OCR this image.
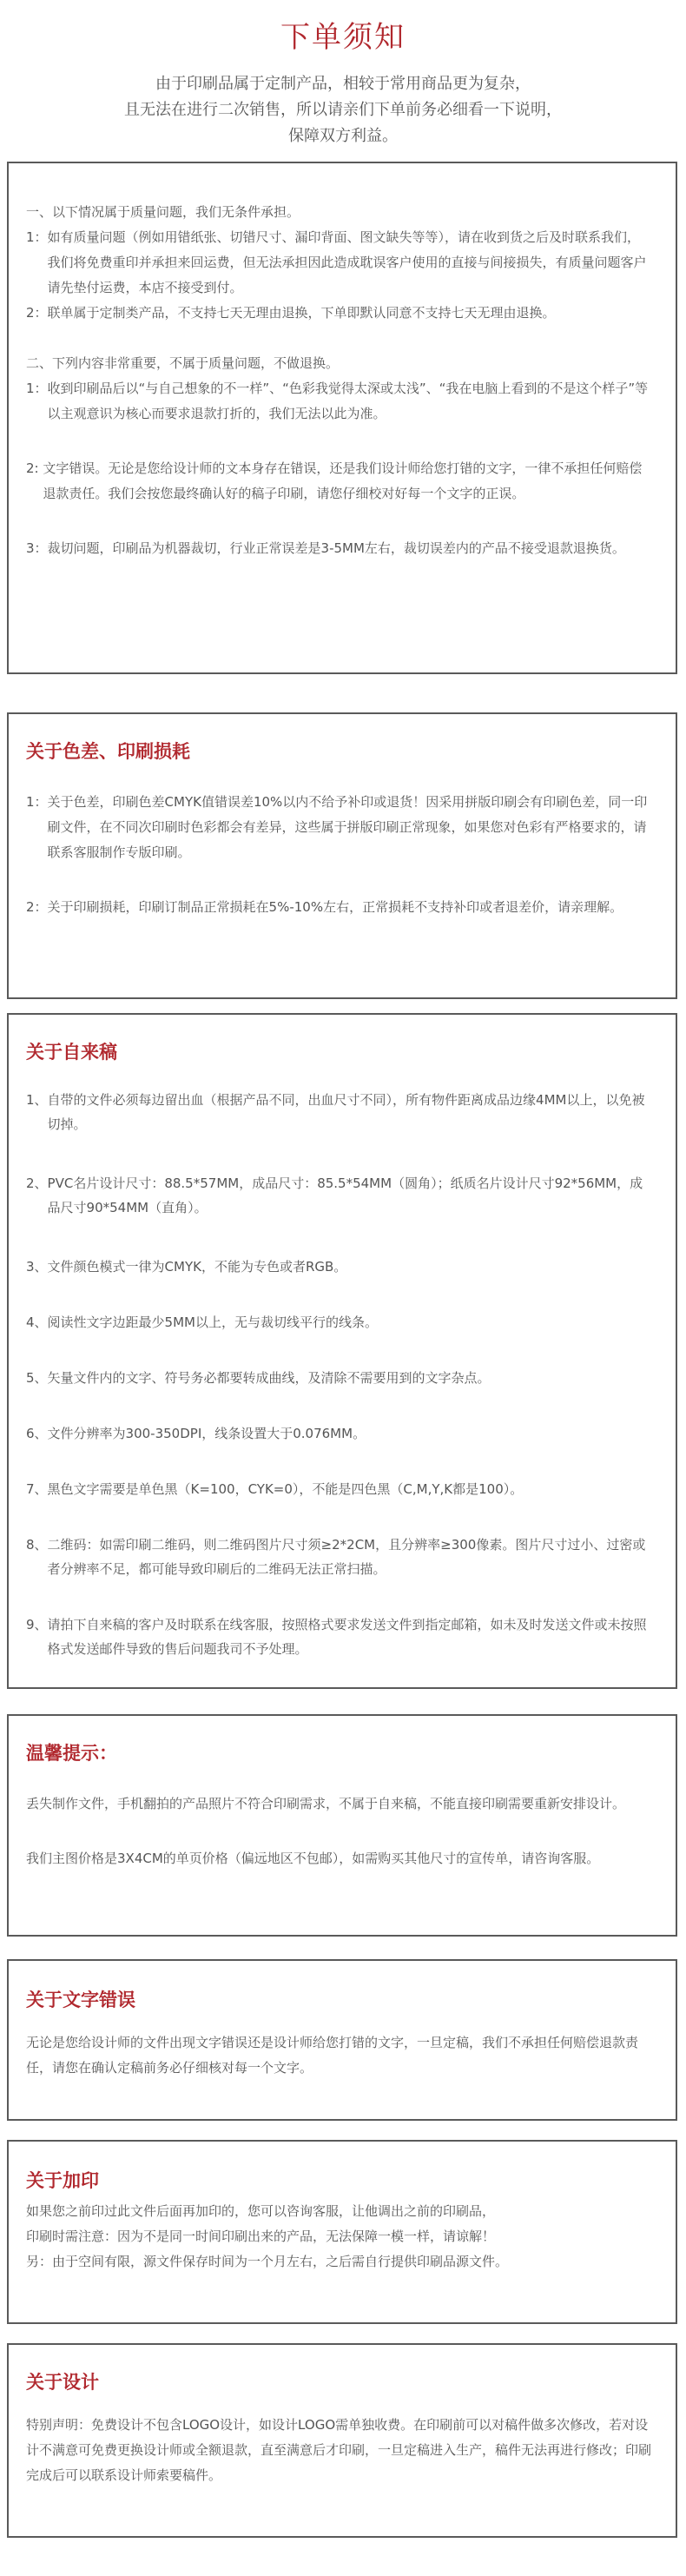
下单须知
由于印刷品属于定制产品，相较于常用商品更为复杂，
且无法在进行二次销售，所以请亲们下单前务必细看一下说明，
保障双方利益。

一、以下情况属于质量问题，我们无条件承担。

1： 如有质量问题（例如用错纸张、切错尺寸、漏印背面、图文缺失等等），请在收到货之后及时联系我们，我们将免费重印并承担来回运费，但无法承担因此造成耽误客户使用的直接与间接损失，有质量问题客户请先垫付运费，本店不接受到付。
2： 联单属于定制类产品，不支持七天无理由退换，下单即默认同意不支持七天无理由退换。

二、下列内容非常重要，不属于质量问题，不做退换。

1： 收到印刷品后以“与自己想象的不一样”、“色彩我觉得太深或太浅”、“我在电脑上看到的不是这个样子”等以主观意识为核心而要求退款打折的，我们无法以此为准。
2: 文字错误。无论是您给设计师的文本身存在错误，还是我们设计师给您打错的文字，一律不承担任何赔偿退款责任。我们会按您最终确认好的稿子印刷，请您仔细校对好每一个文字的正误。
3： 裁切问题，印刷品为机器裁切，行业正常误差是3-5MM左右，裁切误差内的产品不接受退款退换货。
关于色差、印刷损耗
1： 关于色差，印刷色差CMYK值错误差10%以内不给予补印或退货！因采用拼版印刷会有印刷色差，同一印刷文件，在不同次印刷时色彩都会有差异，这些属于拼版印刷正常现象，如果您对色彩有严格要求的，请联系客服制作专版印刷。
2： 关于印刷损耗，印刷订制品正常损耗在5%-10%左右，正常损耗不支持补印或者退差价，请亲理解。
关于自来稿
1、 自带的文件必须每边留出血（根据产品不同，出血尺寸不同），所有物件距离成品边缘4MM以上，以免被切掉。
2、 PVC名片设计尺寸：88.5*57MM，成品尺寸：85.5*54MM（圆角）；纸质名片设计尺寸92*56MM，成品尺寸90*54MM（直角）。
3、 文件颜色模式一律为CMYK，不能为专色或者RGB。
4、 阅读性文字边距最少5MM以上，无与裁切线平行的线条。
5、 矢量文件内的文字、符号务必都要转成曲线，及清除不需要用到的文字杂点。
6、 文件分辨率为300-350DPI，线条设置大于0.076MM。
7、 黑色文字需要是单色黑（K=100，CYK=0），不能是四色黑（C,M,Y,K都是100）。
8、 二维码：如需印刷二维码，则二维码图片尺寸须≥2*2CM，且分辨率≥300像素。图片尺寸过小、过密或者分辨率不足，都可能导致印刷后的二维码无法正常扫描。
9、 请拍下自来稿的客户及时联系在线客服，按照格式要求发送文件到指定邮箱，如未及时发送文件或未按照格式发送邮件导致的售后问题我司不予处理。
温馨提示：

丢失制作文件，手机翻拍的产品照片不符合印刷需求，不属于自来稿，不能直接印刷需要重新安排设计。

我们主图价格是3X4CM的单页价格（偏远地区不包邮），如需购买其他尺寸的宣传单，请咨询客服。

关于文字错误

无论是您给设计师的文件出现文字错误还是设计师给您打错的文字，一旦定稿，我们不承担任何赔偿退款责任，请您在确认定稿前务必仔细核对每一个文字。

关于加印

如果您之前印过此文件后面再加印的，您可以咨询客服，让他调出之前的印刷品，

印刷时需注意：因为不是同一时间印刷出来的产品，无法保障一模一样，请谅解！

另：由于空间有限，源文件保存时间为一个月左右，之后需自行提供印刷品源文件。

关于设计

特别声明：免费设计不包含LOGO设计，如设计LOGO需单独收费。在印刷前可以对稿件做多次修改，若对设计不满意可免费更换设计师或全额退款，直至满意后才印刷，一旦定稿进入生产，稿件无法再进行修改；印刷完成后可以联系设计师索要稿件。
